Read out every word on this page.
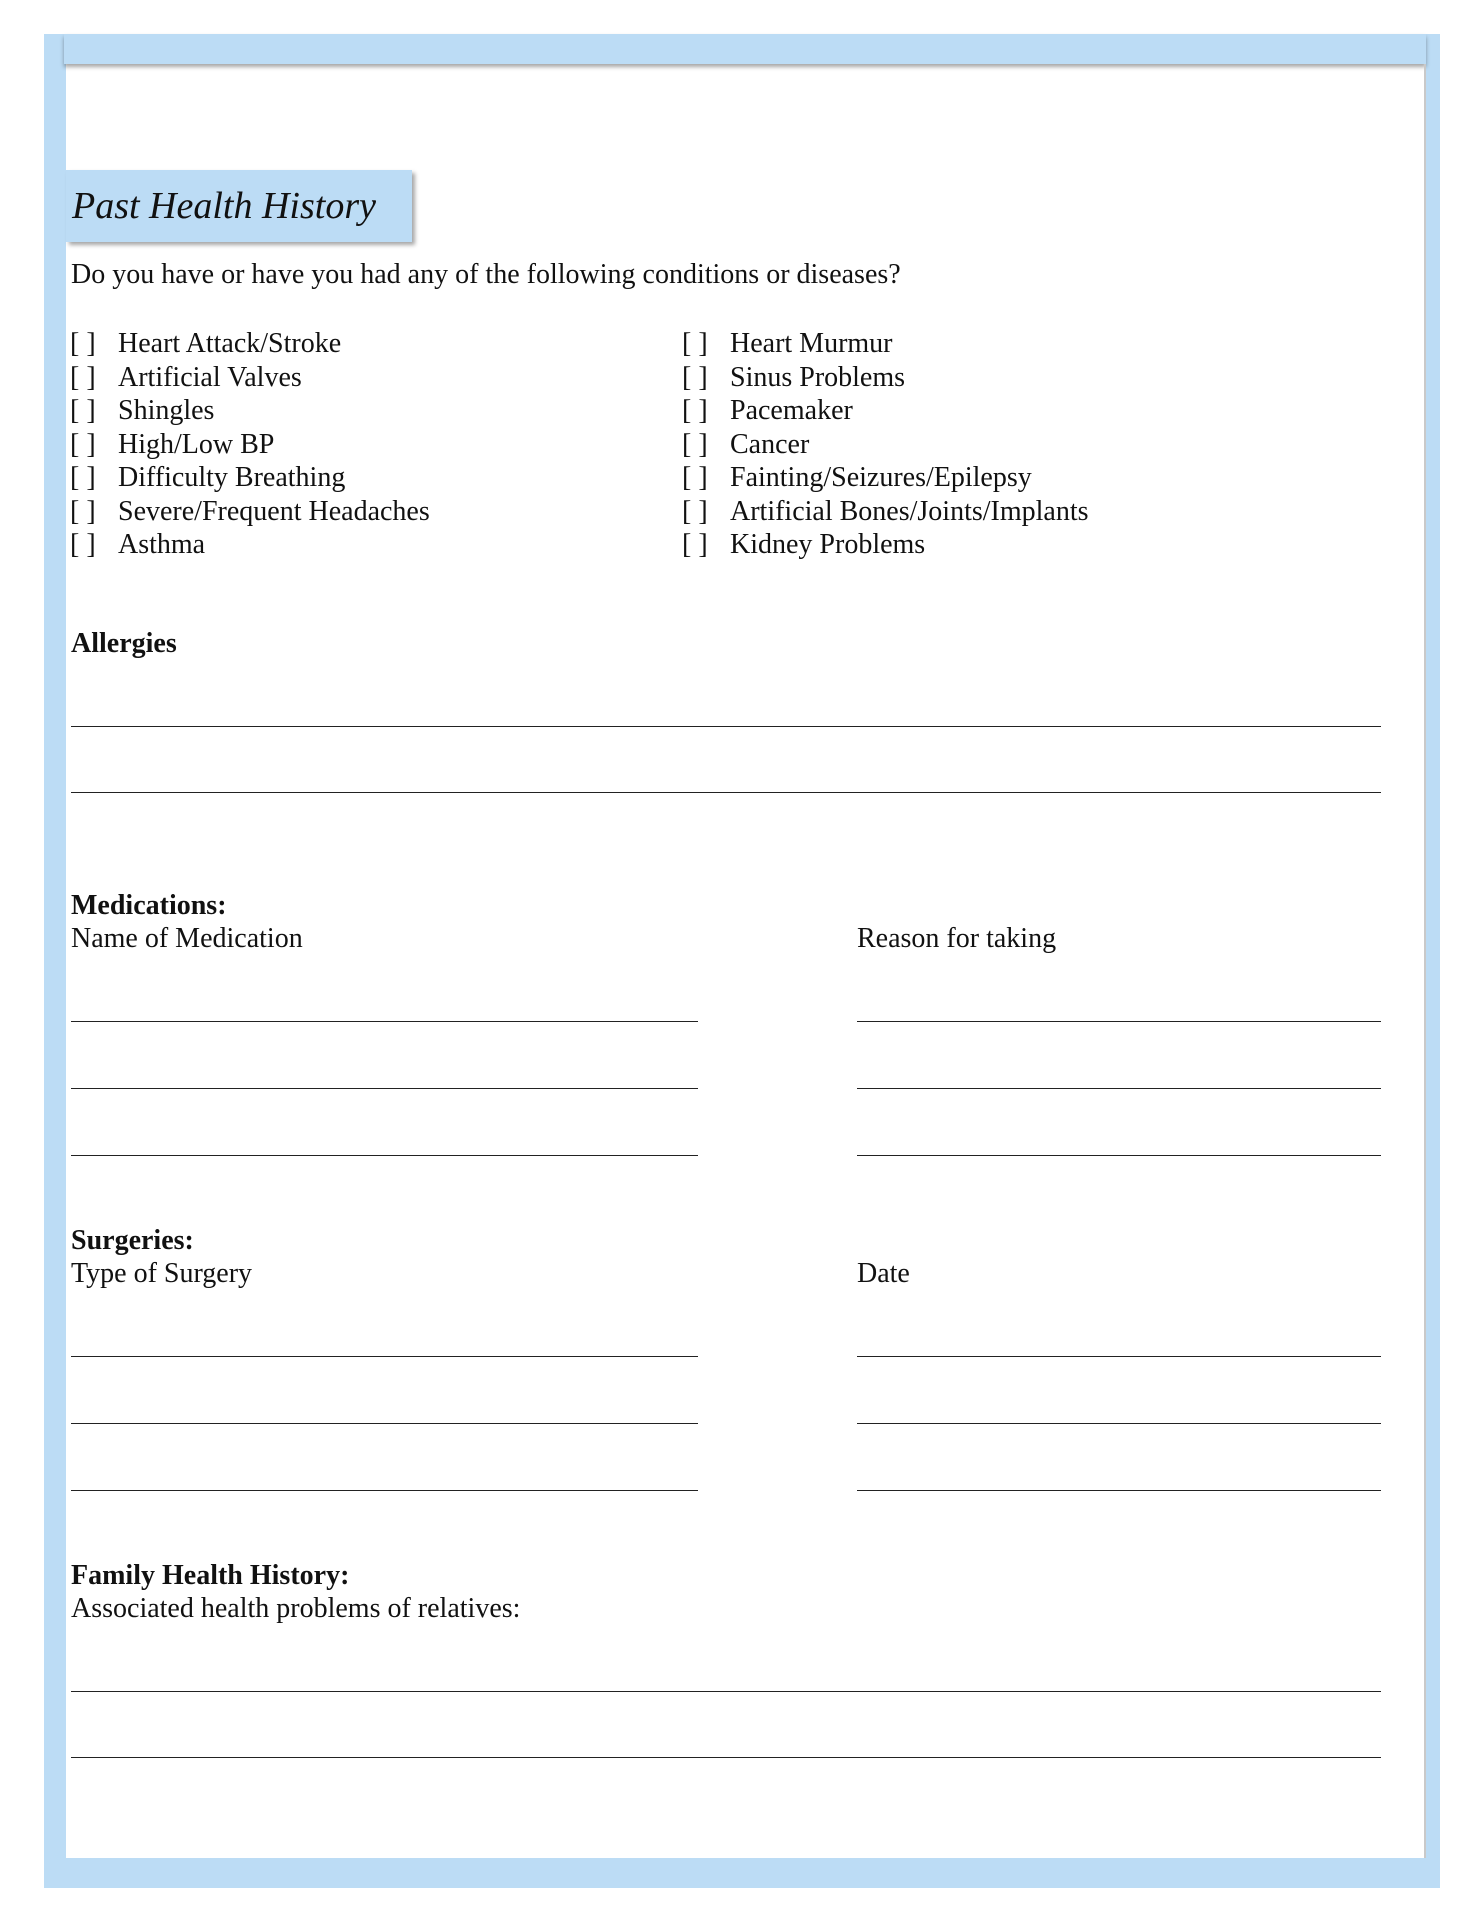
Past Health History
Do you have or have you had any of the following conditions or diseases?
[ ] Heart Attack/Stroke
[ ] Artificial Valves
[ ] Shingles
[ ] High/Low BP
[ ] Difficulty Breathing
[ ] Severe/Frequent Headaches
[ ] Asthma
[ ] Heart Murmur
[ ] Sinus Problems
[ ] Pacemaker
[ ] Cancer
[ ] Fainting/Seizures/Epilepsy
[ ] Artificial Bones/Joints/Implants
[ ] Kidney Problems
Allergies
Medications:
Name of Medication	Reason for taking
Surgeries:
Type of Surgery	Date
Family Health History:
Associated health problems of relatives:
